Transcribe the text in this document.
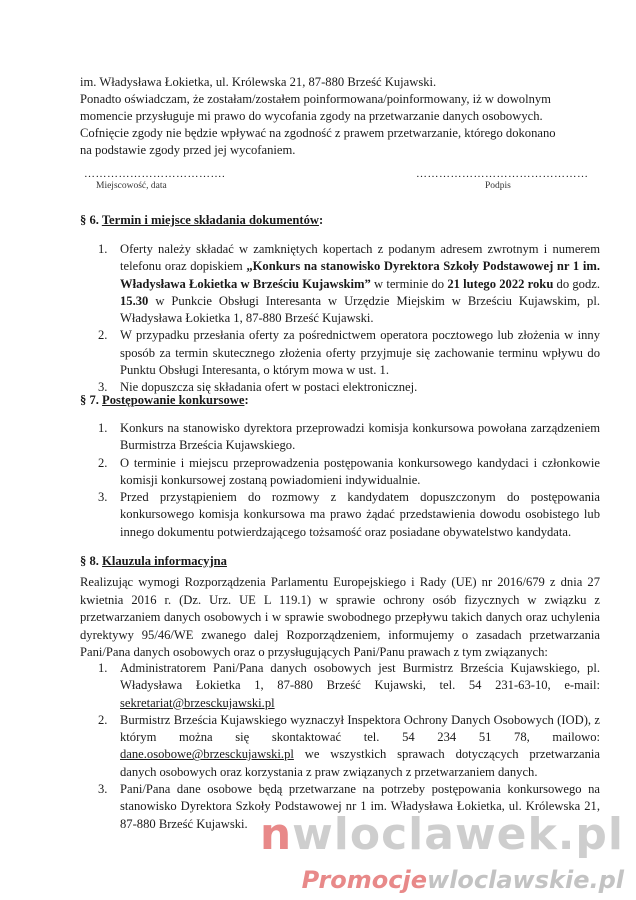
im. Władysława Łokietka, ul. Królewska 21, 87-880 Brześć Kujawski.
Ponadto oświadczam, że zostałam/zostałem poinformowana/poinformowany, iż w dowolnym
momencie przysługuje mi prawo do wycofania zgody na przetwarzanie danych osobowych.
Cofnięcie zgody nie będzie wpływać na zgodność z prawem przetwarzanie, którego dokonano
na podstawie zgody przed jej wycofaniem.
……………………………….
Miejscowość, data
………………………………………
Podpis
§ 6. Termin i miejsce składania dokumentów:
1. Oferty należy składać w zamkniętych kopertach z podanym adresem zwrotnym i numerem telefonu oraz dopiskiem „Konkurs na stanowisko Dyrektora Szkoły Podstawowej nr 1 im. Władysława Łokietka w Brześciu Kujawskim” w terminie do 21 lutego 2022 roku do godz. 15.30 w Punkcie Obsługi Interesanta w Urzędzie Miejskim w Brześciu Kujawskim, pl. Władysława Łokietka 1, 87-880 Brześć Kujawski.
2. W przypadku przesłania oferty za pośrednictwem operatora pocztowego lub złożenia w inny sposób za termin skutecznego złożenia oferty przyjmuje się zachowanie terminu wpływu do Punktu Obsługi Interesanta, o którym mowa w ust. 1.
3. Nie dopuszcza się składania ofert w postaci elektronicznej.
§ 7. Postępowanie konkursowe:
1. Konkurs na stanowisko dyrektora przeprowadzi komisja konkursowa powołana zarządzeniem Burmistrza Brześcia Kujawskiego.
2. O terminie i miejscu przeprowadzenia postępowania konkursowego kandydaci i członkowie komisji konkursowej zostaną powiadomieni indywidualnie.
3. Przed przystąpieniem do rozmowy z kandydatem dopuszczonym do postępowania konkursowego komisja konkursowa ma prawo żądać przedstawienia dowodu osobistego lub innego dokumentu potwierdzającego tożsamość oraz posiadane obywatelstwo kandydata.
§ 8. Klauzula informacyjna

Realizując wymogi Rozporządzenia Parlamentu Europejskiego i Rady (UE) nr 2016/679 z dnia 27 kwietnia 2016 r. (Dz. Urz. UE L 119.1) w sprawie ochrony osób fizycznych w związku z przetwarzaniem danych osobowych i w sprawie swobodnego przepływu takich danych oraz uchylenia dyrektywy 95/46/WE zwanego dalej Rozporządzeniem, informujemy o zasadach przetwarzania Pani/Pana danych osobowych oraz o przysługujących Pani/Panu prawach z tym związanych:

1. Administratorem Pani/Pana danych osobowych jest Burmistrz Brześcia Kujawskiego, pl. Władysława Łokietka 1, 87-880 Brześć Kujawski, tel. 54 231-63-10, e-mail: sekretariat@brzesckujawski.pl
2. Burmistrz Brześcia Kujawskiego wyznaczył Inspektora Ochrony Danych Osobowych (IOD), z którym można się skontaktować tel. 54 234 51 78, mailowo: dane.osobowe@brzesckujawski.pl we wszystkich sprawach dotyczących przetwarzania danych osobowych oraz korzystania z praw związanych z przetwarzaniem danych.
3. Pani/Pana dane osobowe będą przetwarzane na potrzeby postępowania konkursowego na stanowisko Dyrektora Szkoły Podstawowej nr 1 im. Władysława Łokietka, ul. Królewska 21, 87-880 Brześć Kujawski. nwloclawek.pl
Promocjewloclawskie.pl
